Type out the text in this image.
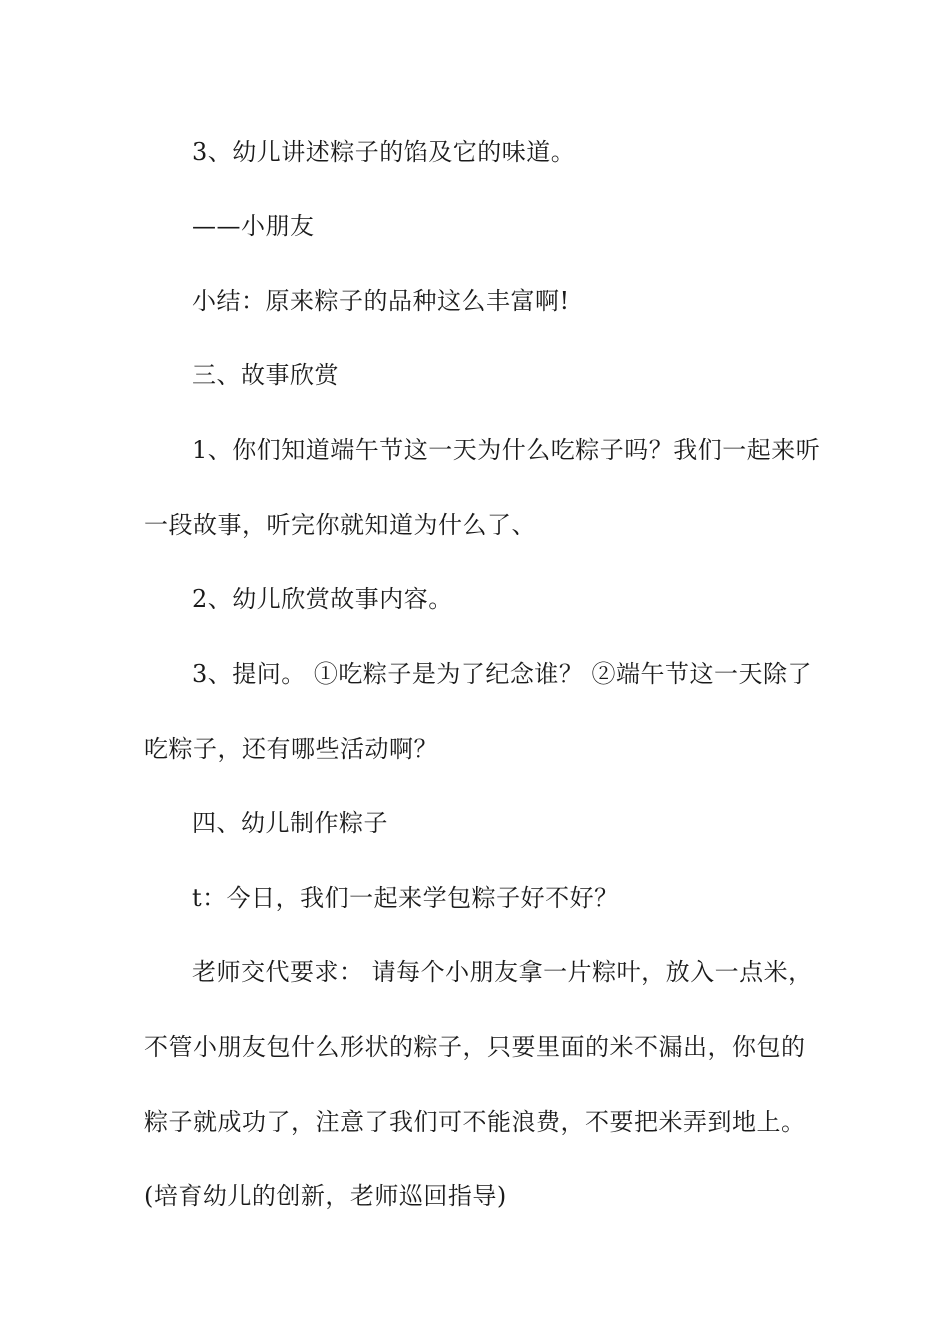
3、幼儿讲述粽子的馅及它的味道。
——小朋友
小结：原来粽子的品种这么丰富啊!
三、故事欣赏
1、你们知道端午节这一天为什么吃粽子吗？我们一起来听
一段故事，听完你就知道为什么了、
2、幼儿欣赏故事内容。
3、提问。 ①吃粽子是为了纪念谁？ ②端午节这一天除了
吃粽子，还有哪些活动啊？
四、幼儿制作粽子
t：今日，我们一起来学包粽子好不好？
老师交代要求： 请每个小朋友拿一片粽叶，放入一点米，
不管小朋友包什么形状的粽子，只要里面的米不漏出，你包的
粽子就成功了，注意了我们可不能浪费，不要把米弄到地上。
(培育幼儿的创新，老师巡回指导)
